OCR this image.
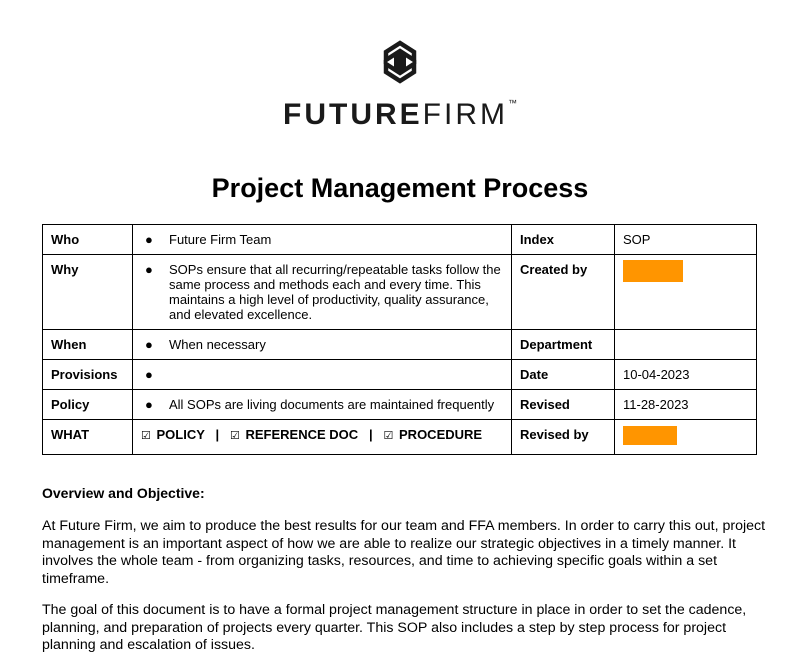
FUTUREFIRM™
Project Management Process
Who	● Future Firm Team	Index	SOP
Why	● SOPs ensure that all recurring/repeatable tasks follow the same process and methods each and every time. This maintains a high level of productivity, quality assurance, and elevated excellence.	Created by	
When	● When necessary	Department	
Provisions	●	Date	10-04-2023
Policy	● All SOPs are living documents are maintained frequently	Revised	11-28-2023
WHAT	☑ POLICY | ☑ REFERENCE DOC | ☑ PROCEDURE	Revised by	
Overview and Objective:
At Future Firm, we aim to produce the best results for our team and FFA members. In order to carry this out, project management is an important aspect of how we are able to realize our strategic objectives in a timely manner. It involves the whole team - from organizing tasks, resources, and time to achieving specific goals within a set timeframe.
The goal of this document is to have a formal project management structure in place in order to set the cadence, planning, and preparation of projects every quarter. This SOP also includes a step by step process for project planning and escalation of issues.
